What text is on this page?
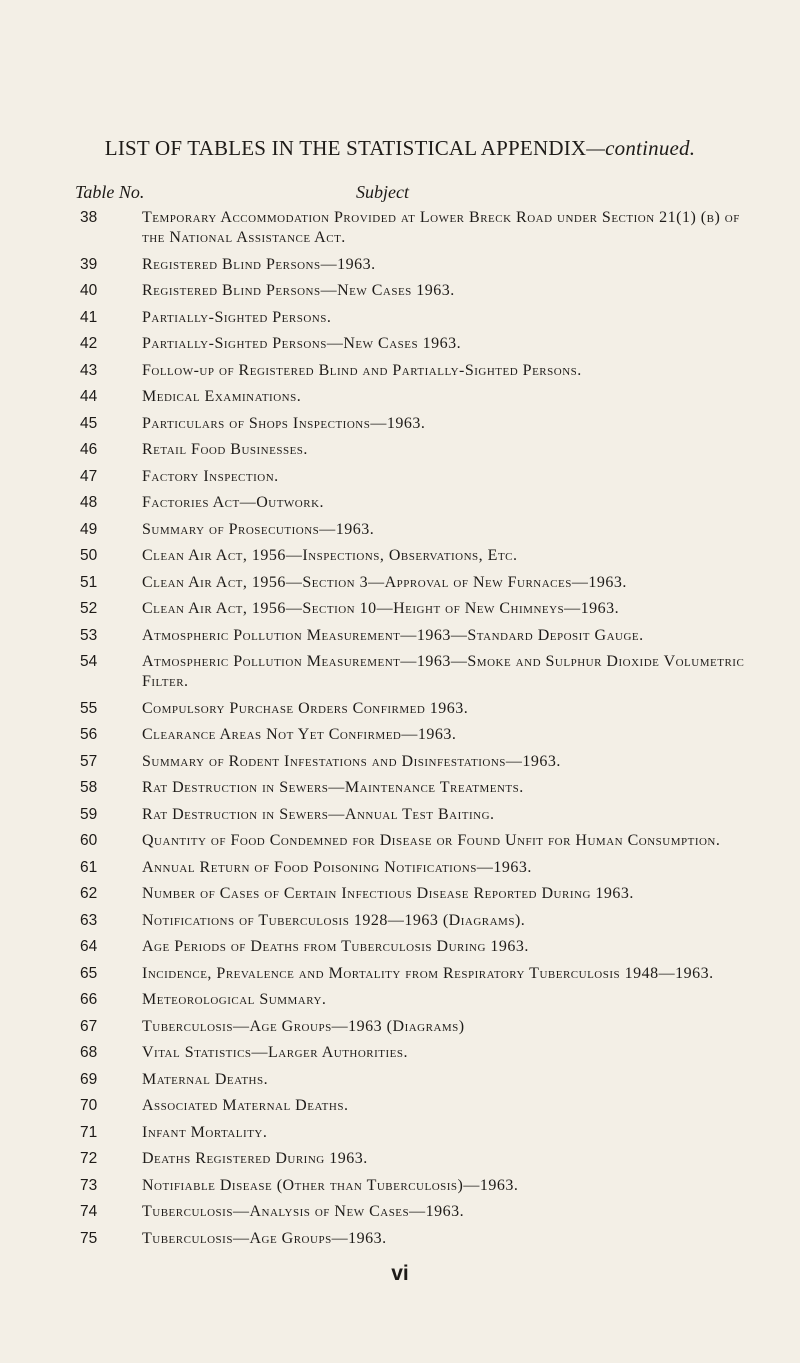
LIST OF TABLES IN THE STATISTICAL APPENDIX—continued.
Table No.	Subject
38	Temporary Accommodation Provided at Lower Breck Road under Section 21(1) (b) of the National Assistance Act.
39	Registered Blind Persons—1963.
40	Registered Blind Persons—New Cases 1963.
41	Partially-Sighted Persons.
42	Partially-Sighted Persons—New Cases 1963.
43	Follow-up of Registered Blind and Partially-Sighted Persons.
44	Medical Examinations.
45	Particulars of Shops Inspections—1963.
46	Retail Food Businesses.
47	Factory Inspection.
48	Factories Act—Outwork.
49	Summary of Prosecutions—1963.
50	Clean Air Act, 1956—Inspections, Observations, Etc.
51	Clean Air Act, 1956—Section 3—Approval of New Furnaces—1963.
52	Clean Air Act, 1956—Section 10—Height of New Chimneys—1963.
53	Atmospheric Pollution Measurement—1963—Standard Deposit Gauge.
54	Atmospheric Pollution Measurement—1963—Smoke and Sulphur Dioxide Volumetric Filter.
55	Compulsory Purchase Orders Confirmed 1963.
56	Clearance Areas Not Yet Confirmed—1963.
57	Summary of Rodent Infestations and Disinfestations—1963.
58	Rat Destruction in Sewers—Maintenance Treatments.
59	Rat Destruction in Sewers—Annual Test Baiting.
60	Quantity of Food Condemned for Disease or Found Unfit for Human Consumption.
61	Annual Return of Food Poisoning Notifications—1963.
62	Number of Cases of Certain Infectious Disease Reported During 1963.
63	Notifications of Tuberculosis 1928—1963 (Diagrams).
64	Age Periods of Deaths from Tuberculosis During 1963.
65	Incidence, Prevalence and Mortality from Respiratory Tuberculosis 1948—1963.
66	Meteorological Summary.
67	Tuberculosis—Age Groups—1963 (Diagrams)
68	Vital Statistics—Larger Authorities.
69	Maternal Deaths.
70	Associated Maternal Deaths.
71	Infant Mortality.
72	Deaths Registered During 1963.
73	Notifiable Disease (Other than Tuberculosis)—1963.
74	Tuberculosis—Analysis of New Cases—1963.
75	Tuberculosis—Age Groups—1963.
vi
